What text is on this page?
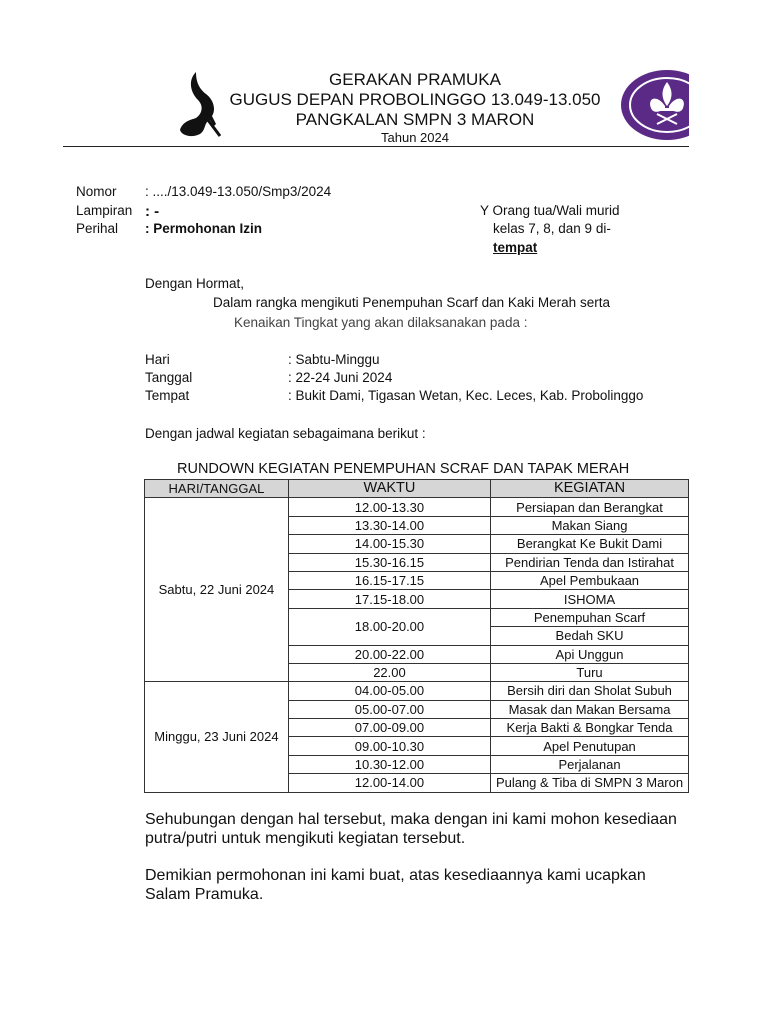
GERAKAN PRAMUKA
GUGUS DEPAN PROBOLINGGO 13.049-13.050
PANGKALAN SMPN 3 MARON
Tahun 2024
Nomor : ..../13.049-13.050/Smp3/2024
Lampiran : -
Perihal : Permohonan Izin
Y Orang tua/Wali murid
kelas 7, 8, dan 9 di-
tempat
Dengan Hormat,
Dalam rangka mengikuti Penempuhan Scarf dan Kaki Merah serta
Kenaikan Tingkat yang akan dilaksanakan pada :
Hari	: Sabtu-Minggu
Tanggal	: 22-24 Juni 2024
Tempat	: Bukit Dami, Tigasan Wetan, Kec. Leces, Kab. Probolinggo
Dengan jadwal kegiatan sebagaimana berikut :
RUNDOWN KEGIATAN PENEMPUHAN SCRAF DAN TAPAK MERAH
HARI/TANGGAL	WAKTU	KEGIATAN
Sabtu, 22 Juni 2024	12.00-13.30	Persiapan dan Berangkat
	13.30-14.00	Makan Siang
	14.00-15.30	Berangkat Ke Bukit Dami
	15.30-16.15	Pendirian Tenda dan Istirahat
	16.15-17.15	Apel Pembukaan
	17.15-18.00	ISHOMA
	18.00-20.00	Penempuhan Scarf
		Bedah SKU
	20.00-22.00	Api Unggun
	22.00	Turu
Minggu, 23 Juni 2024	04.00-05.00	Bersih diri dan Sholat Subuh
	05.00-07.00	Masak dan Makan Bersama
	07.00-09.00	Kerja Bakti & Bongkar Tenda
	09.00-10.30	Apel Penutupan
	10.30-12.00	Perjalanan
	12.00-14.00	Pulang & Tiba di SMPN 3 Maron
Sehubungan dengan hal tersebut, maka dengan ini kami mohon kesediaan
putra/putri untuk mengikuti kegiatan tersebut.
Demikian permohonan ini kami buat, atas kesediaannya kami ucapkan
Salam Pramuka.
